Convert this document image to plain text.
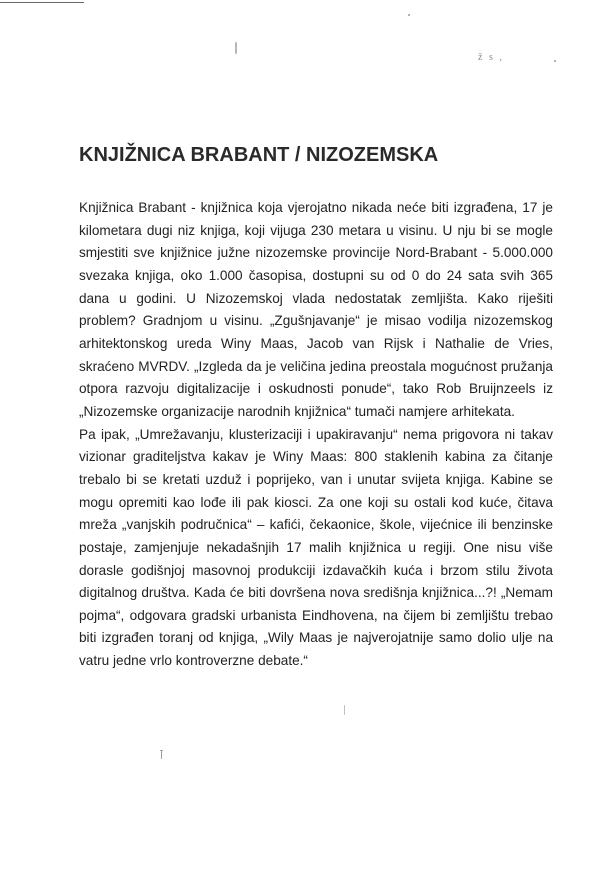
ž s ,
KNJIŽNICA BRABANT / NIZOZEMSKA

Knjižnica Brabant - knjižnica koja vjerojatno nikada neće biti izgrađena, 17 je kilometara dugi niz knjiga, koji vijuga 230 metara u visinu. U nju bi se mogle smjestiti sve knjižnice južne nizozemske provincije Nord-Brabant - 5.000.000 svezaka knjiga, oko 1.000 časopisa, dostupni su od 0 do 24 sata svih 365 dana u godini. U Nizozemskoj vlada nedostatak zemljišta. Kako riješiti problem? Gradnjom u visinu. „Zgušnjavanje“ je misao vodilja nizozemskog arhitektonskog ureda Winy Maas, Jacob van Rijsk i Nathalie de Vries, skraćeno MVRDV. „Izgleda da je veličina jedina preostala mogućnost pružanja otpora razvoju digitalizacije i oskudnosti ponude“, tako Rob Bruijnzeels iz „Nizozemske organizacije narodnih knjižnica“ tumači namjere arhitekata.

Pa ipak, „Umrežavanju, klusterizaciji i upakiravanju“ nema prigovora ni takav vizionar graditeljstva kakav je Winy Maas: 800 staklenih kabina za čitanje trebalo bi se kretati uzduž i poprijeko, van i unutar svijeta knjiga. Kabine se mogu opremiti kao lođe ili pak kiosci. Za one koji su ostali kod kuće, čitava mreža „vanjskih područnica“ – kafići, čekaonice, škole, vijećnice ili benzinske postaje, zamjenjuje nekadašnjih 17 malih knjižnica u regiji. One nisu više dorasle godišnjoj masovnoj produkciji izdavačkih kuća i brzom stilu života digitalnog društva. Kada će biti dovršena nova središnja knjižnica...?! „Nemam pojma“, odgovara gradski urbanista Eindhovena, na čijem bi zemljištu trebao biti izgrađen toranj od knjiga, „Wily Maas je najverojatnije samo dolio ulje na vatru jedne vrlo kontroverzne debate.“
